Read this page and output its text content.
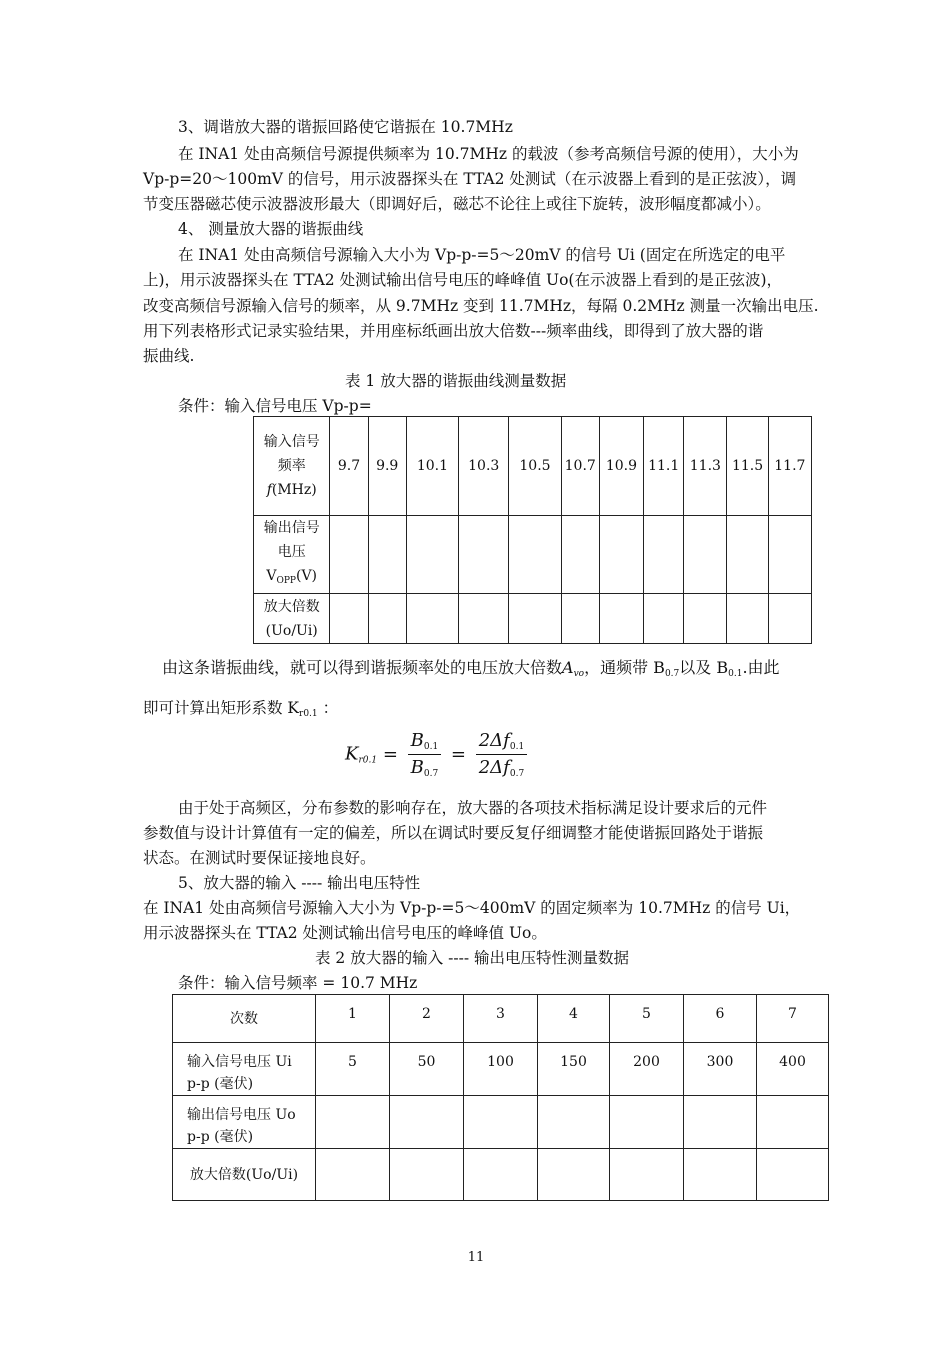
3、调谐放大器的谐振回路使它谐振在 10.7MHz
在 INA1 处由高频信号源提供频率为 10.7MHz 的载波（参考高频信号源的使用），大小为
Vp-p=20～100mV 的信号，用示波器探头在 TTA2 处测试（在示波器上看到的是正弦波），调
节变压器磁芯使示波器波形最大（即调好后，磁芯不论往上或往下旋转，波形幅度都减小）。
4、 测量放大器的谐振曲线
在 INA1 处由高频信号源输入大小为 Vp-p-=5～20mV 的信号 Ui (固定在所选定的电平
上)，用示波器探头在 TTA2 处测试输出信号电压的峰峰值 Uo(在示波器上看到的是正弦波)，
改变高频信号源输入信号的频率，从 9.7MHz 变到 11.7MHz，每隔 0.2MHz 测量一次输出电压.
用下列表格形式记录实验结果，并用座标纸画出放大倍数---频率曲线，即得到了放大器的谐
振曲线.
表 1 放大器的谐振曲线测量数据
条件：输入信号电压 Vp-p=
输入信号
频率
f(MHz)	9.7	9.9	10.1	10.3	10.5	10.7	10.9	11.1	11.3	11.5	11.7

输出信号
电压
$V_{OPP}(V)$											

放大倍数
(Uo/Ui)											

由这条谐振曲线，就可以得到谐振频率处的电压放大倍数$A_{vo}$，通频带 $B_{0.7}$以及 $B_{0.1}$.由此
即可计算出矩形系数 $K_{r0.1}$ ：
$K_{r0.1} = \frac{B_{0.1}}{B_{0.7}} = \frac{2\Delta f_{0.1}}{2\Delta f_{0.7}}$
由于处于高频区，分布参数的影响存在，放大器的各项技术指标满足设计要求后的元件
参数值与设计计算值有一定的偏差，所以在调试时要反复仔细调整才能使谐振回路处于谐振
状态。在测试时要保证接地良好。
5、放大器的输入 ---- 输出电压特性
在 INA1 处由高频信号源输入大小为 Vp-p-=5～400mV 的固定频率为 10.7MHz 的信号 Ui，
用示波器探头在 TTA2 处测试输出信号电压的峰峰值 Uo。
表 2 放大器的输入 ---- 输出电压特性测量数据
条件：输入信号频率 = 10.7 MHz
次数	1	2	3	4	5	6	7

输入信号电压 Ui
p-p (毫伏)	5	50	100	150	200	300	400

输出信号电压 Uo
p-p (毫伏)							

放大倍数(Uo/Ui)							
11
